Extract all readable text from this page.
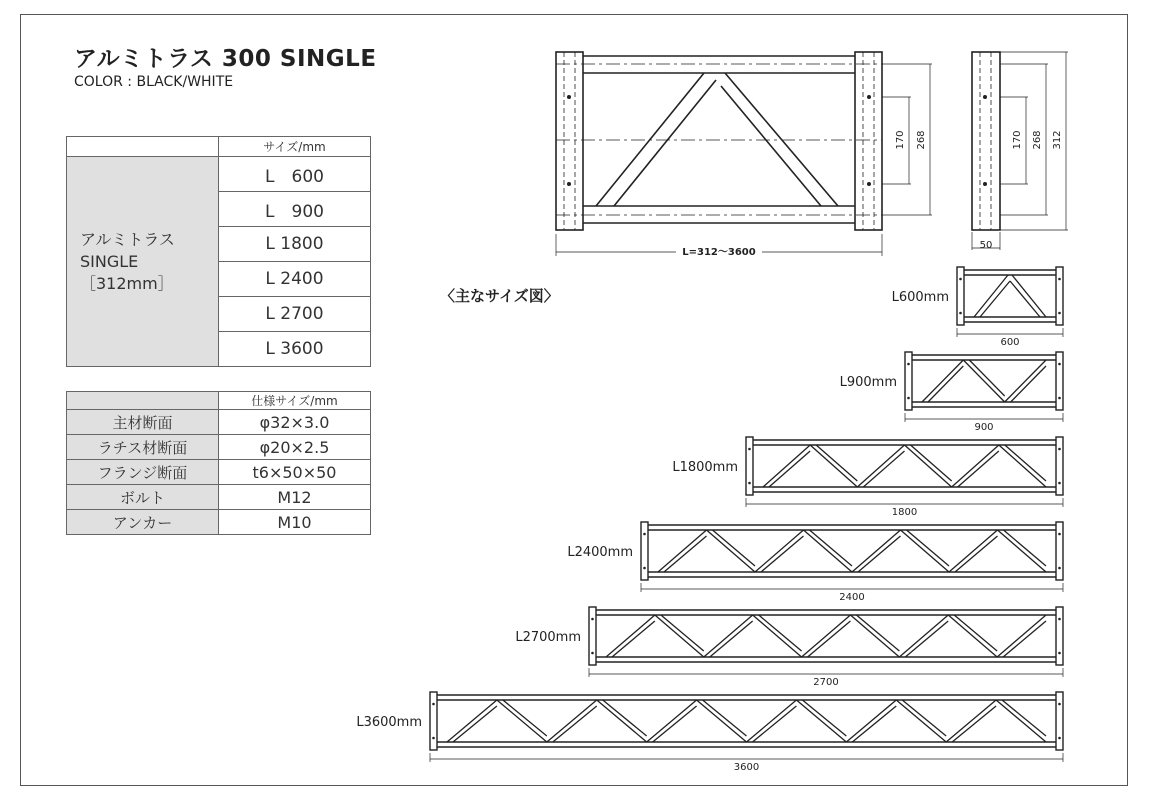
アルミトラス 300 SINGLE
COLOR : BLACK/WHITE
	サイズ/mm

アルミトラス
SINGLE
［312mm］	L　600
	L　900
	L 1800
	L 2400
	L 2700
	L 3600
	仕様サイズ/mm
主材断面	φ32×3.0
ラチス材断面	φ20×2.5
フランジ断面	t6×50×50
ボルト	M12
アンカー	M10
170 268
L=312～3600
170 268 312
50
〈主なサイズ図〉
600
L600mm
900
L900mm
1800
L1800mm
2400
L2400mm
2700
L2700mm
3600
L3600mm
